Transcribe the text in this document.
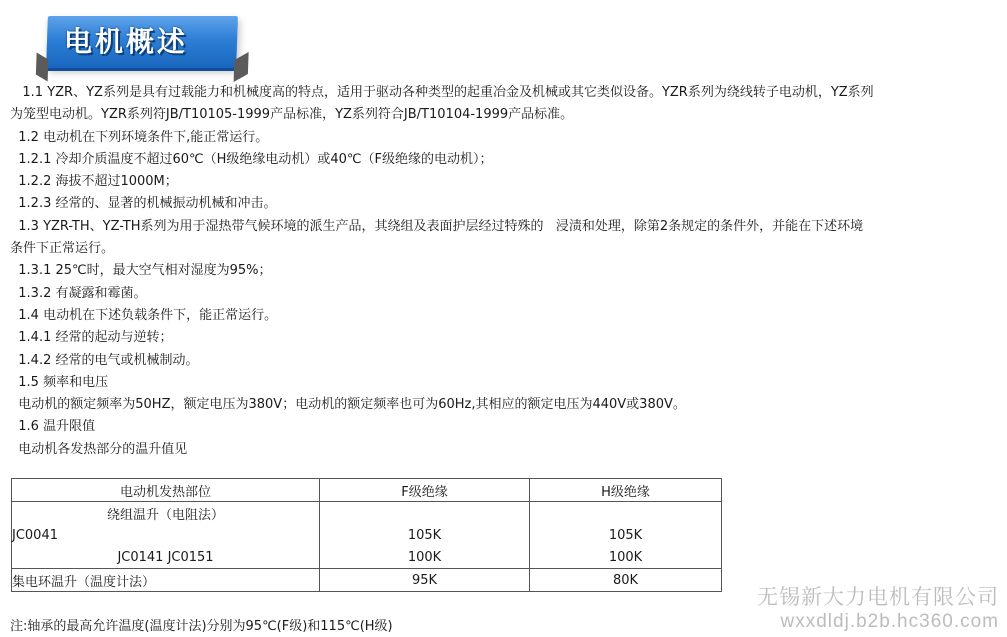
电机概述

1.1 YZR、YZ系列是具有过载能力和机械度高的特点，适用于驱动各种类型的起重冶金及机械或其它类似设备。YZR系列为绕线转子电动机，YZ系列

为笼型电动机。YZR系列符JB/T10105-1999产品标准，YZ系列符合JB/T10104-1999产品标准。

1.2 电动机在下列环境条件下,能正常运行。

1.2.1 冷却介质温度不超过60℃（H级绝缘电动机）或40℃（F级绝缘的电动机）；

1.2.2 海拔不超过1000M；

1.2.3 经常的、显著的机械振动机械和冲击。

1.3 YZR-TH、YZ-TH系列为用于湿热带气候环境的派生产品，其绕组及表面护层经过特殊的   浸渍和处理，除第2条规定的条件外，并能在下述环境

条件下正常运行。

1.3.1 25℃时，最大空气相对湿度为95%；

1.3.2 有凝露和霉菌。

1.4 电动机在下述负载条件下，能正常运行。

1.4.1 经常的起动与逆转；

1.4.2 经常的电气或机械制动。

1.5 频率和电压

电动机的额定频率为50HZ，额定电压为380V；电动机的额定频率也可为60Hz,其相应的额定电压为440V或380V。

1.6 温升限值

电动机各发热部分的温升值见

电动机发热部位	F级绝缘	H级绝缘
绕组温升（电阻法）		
JC0041	105K	105K
JC0141 JC0151	100K	100K
集电环温升（温度计法）	95K	80K
注:轴承的最高允许温度(温度计法)分别为95℃(F级)和115℃(H级)
无锡新大力电机有限公司
wxxdldj.b2b.hc360.com
